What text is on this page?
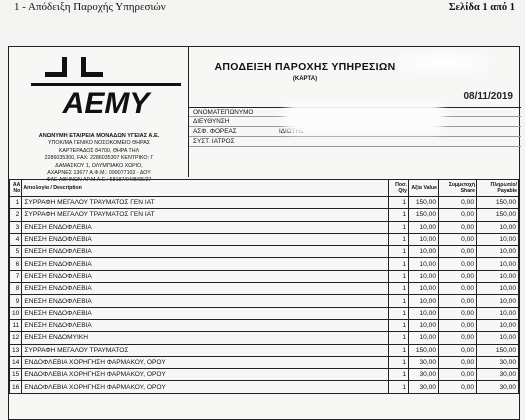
1 - Απόδειξη Παροχής Υπηρεσιών	Σελίδα 1 από 1
AEMY
ΑΝΩΝΥΜΗ ΕΤΑΙΡΕΙΑ ΜΟΝΑΔΩΝ ΥΓΕΙΑΣ Α.Ε.
ΥΠΟΚ/ΜΑ ΓΕΝΙΚΟ ΝΟΣΟΚΟΜΕΙΟ ΘΗΡΑΣ
ΚΑΡΤΕΡΑΔΟΣ 84700, ΘΗΡΑ ΤΗΛ
2286035300, FAX: 2286035307 ΚΕΝΤΡΙΚΟ: Γ
ΔΑΜΑΣΚΟΥ 1, ΟΛΥΜΠΙΑΚΟ ΧΩΡΙΟ,
ΑΧΑΡΝΕΣ 13677 Α.Φ.Μ.: 099077102 · ΔΟΥ
ΦΑΕ ΑΘΗΝΩΝ ΑΡ.Μ.Α.Ε.: 58187/04/Β/05/27
ΑΠΟΔΕΙΞΗ ΠΑΡΟΧΗΣ ΥΠΗΡΕΣΙΩΝ
(ΚΑΡΤΑ)
08/11/2019
ΟΝΟΜΑΤΕΠΩΝΥΜΟ
ΔΙΕΥΘΥΝΣΗ
ΑΣΦ. ΦΟΡΕΑΣ	ΙΔΙΩΤΗΣ
ΣΥΣΤ. ΙΑΤΡΟΣ
ΑΑ No	Αιτιολογία / Description	Ποσ. Qty	Αξία Value	Συμμετοχή Share	Πληρωτέο/ Payable
1	ΣΥΡΡΑΦΗ ΜΕΓΑΛΟΥ ΤΡΑΥΜΑΤΟΣ ΓΕΝ ΙΑΤ	1	150,00	0,00	150,00
2	ΣΥΡΡΑΦΗ ΜΕΓΑΛΟΥ ΤΡΑΥΜΑΤΟΣ ΓΕΝ ΙΑΤ	1	150,00	0,00	150,00
3	ΕΝΕΣΗ ΕΝΔΟΦΛΕΒΙΑ	1	10,00	0,00	10,00
4	ΕΝΕΣΗ ΕΝΔΟΦΛΕΒΙΑ	1	10,00	0,00	10,00
5	ΕΝΕΣΗ ΕΝΔΟΦΛΕΒΙΑ	1	10,00	0,00	10,00
6	ΕΝΕΣΗ ΕΝΔΟΦΛΕΒΙΑ	1	10,00	0,00	10,00
7	ΕΝΕΣΗ ΕΝΔΟΦΛΕΒΙΑ	1	10,00	0,00	10,00
8	ΕΝΕΣΗ ΕΝΔΟΦΛΕΒΙΑ	1	10,00	0,00	10,00
9	ΕΝΕΣΗ ΕΝΔΟΦΛΕΒΙΑ	1	10,00	0,00	10,00
10	ΕΝΕΣΗ ΕΝΔΟΦΛΕΒΙΑ	1	10,00	0,00	10,00
11	ΕΝΕΣΗ ΕΝΔΟΦΛΕΒΙΑ	1	10,00	0,00	10,00
12	ΕΝΕΣΗ ΕΝΔΟΜΥΙΚΗ	1	10,00	0,00	10,00
13	ΣΥΡΡΑΦΗ ΜΕΓΑΛΟΥ ΤΡΑΥΜΑΤΟΣ	1	150,00	0,00	150,00
14	ΕΝΔΟΦΛΕΒΙΑ ΧΟΡΗΓΗΣΗ ΦΑΡΜΑΚΟΥ, ΟΡΟΥ	1	30,00	0,00	30,00
15	ΕΝΔΟΦΛΕΒΙΑ ΧΟΡΗΓΗΣΗ ΦΑΡΜΑΚΟΥ, ΟΡΟΥ	1	30,00	0,00	30,00
16	ΕΝΔΟΦΛΕΒΙΑ ΧΟΡΗΓΗΣΗ ΦΑΡΜΑΚΟΥ, ΟΡΟΥ	1	30,00	0,00	30,00
